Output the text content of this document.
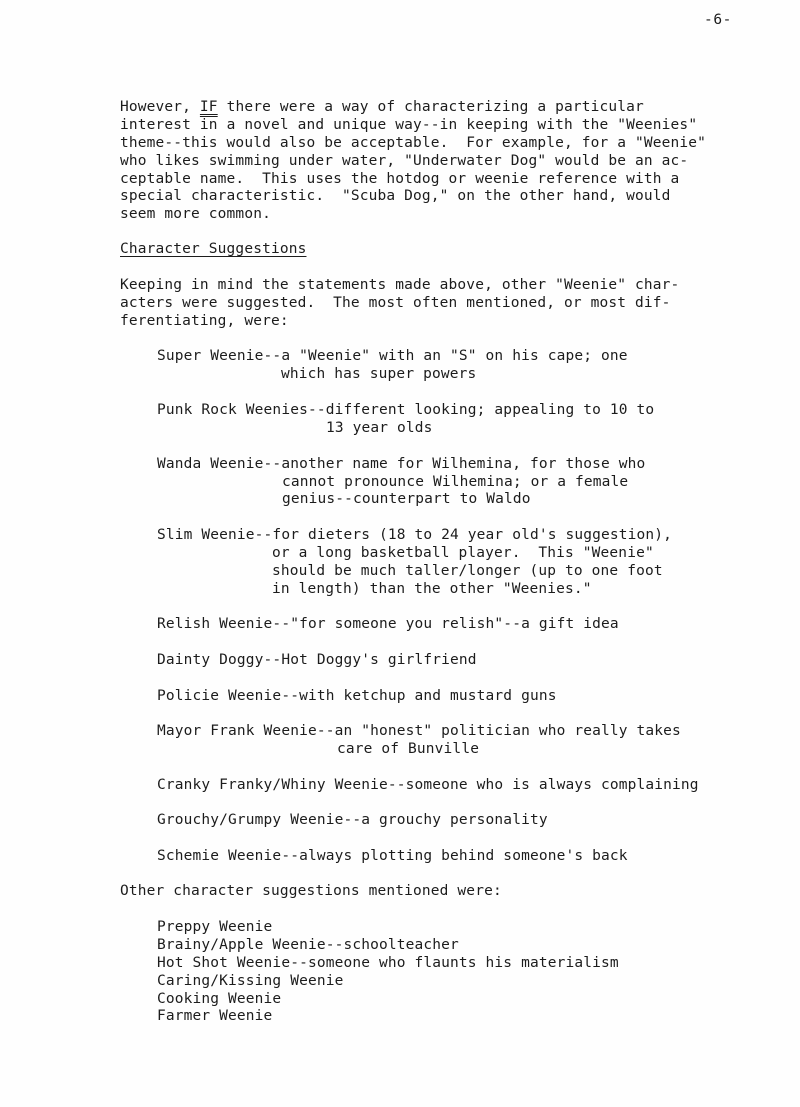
-6-
However, IF there were a way of characterizing a particular
interest $\overline{in}$ a novel and unique way--in keeping with the "Weenies"
theme--this would also be acceptable.  For example, for a "Weenie"
who likes swimming under water, "Underwater Dog" would be an ac-
ceptable name.  This uses the hotdog or weenie reference with a
special characteristic.  "Scuba Dog," on the other hand, would
seem more common.
Character Suggestions
Keeping in mind the statements made above, other "Weenie" char-
acters were suggested.  The most often mentioned, or most dif-
ferentiating, were:
Super Weenie--a "Weenie" with an "S" on his cape; one
which has super powers
Punk Rock Weenies--different looking; appealing to 10 to
13 year olds
Wanda Weenie--another name for Wilhemina, for those who
cannot pronounce Wilhemina; or a female
genius--counterpart to Waldo
Slim Weenie--for dieters (18 to 24 year old's suggestion),
or a long basketball player.  This "Weenie"
should be much taller/longer (up to one foot
in length) than the other "Weenies."
Relish Weenie--"for someone you relish"--a gift idea
Dainty Doggy--Hot Doggy's girlfriend
Policie Weenie--with ketchup and mustard guns
Mayor Frank Weenie--an "honest" politician who really takes
care of Bunville
Cranky Franky/Whiny Weenie--someone who is always complaining
Grouchy/Grumpy Weenie--a grouchy personality
Schemie Weenie--always plotting behind someone's back
Other character suggestions mentioned were:
Preppy Weenie
Brainy/Apple Weenie--schoolteacher
Hot Shot Weenie--someone who flaunts his materialism
Caring/Kissing Weenie
Cooking Weenie
Farmer Weenie
